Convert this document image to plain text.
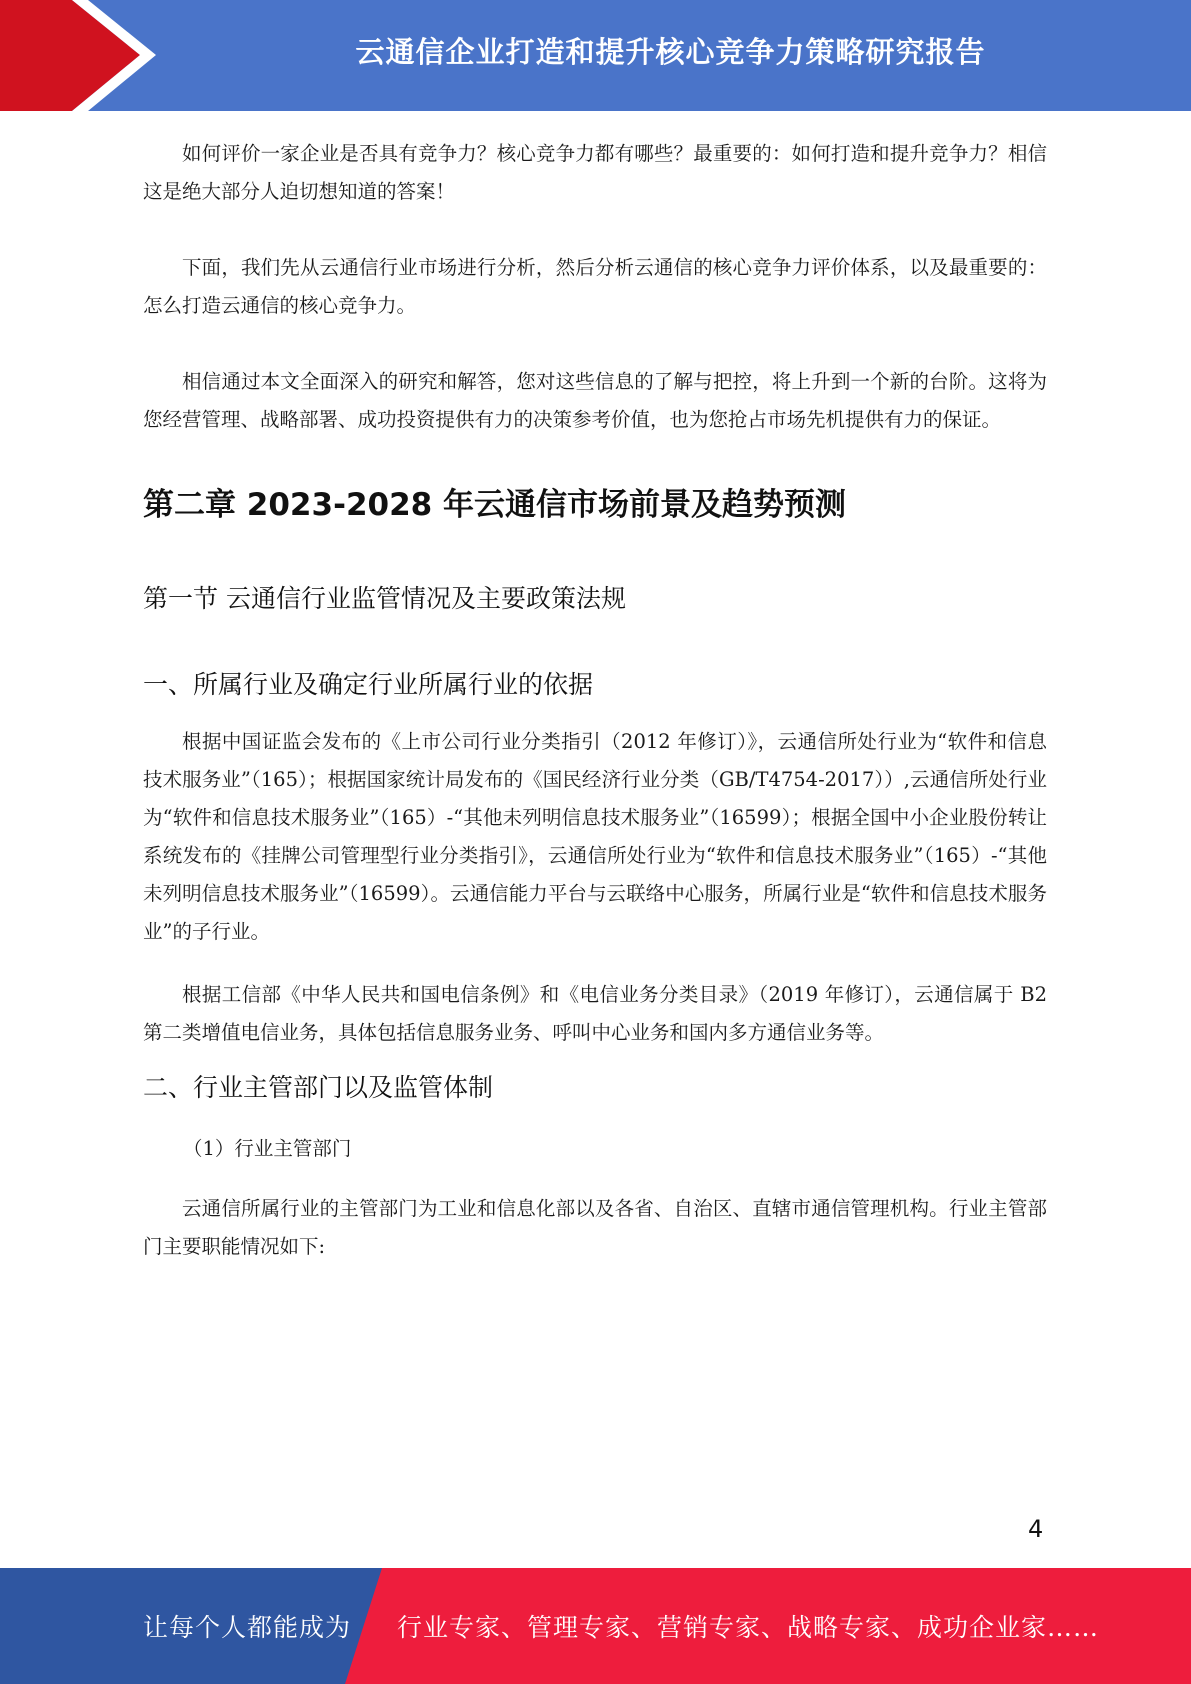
云通信企业打造和提升核心竞争力策略研究报告

如何评价一家企业是否具有竞争力？核心竞争力都有哪些？最重要的：如何打造和提升竞争力？相信这是绝大部分人迫切想知道的答案！

下面，我们先从云通信行业市场进行分析，然后分析云通信的核心竞争力评价体系，以及最重要的：怎么打造云通信的核心竞争力。

相信通过本文全面深入的研究和解答，您对这些信息的了解与把控，将上升到一个新的台阶。这将为您经营管理、战略部署、成功投资提供有力的决策参考价值，也为您抢占市场先机提供有力的保证。

第二章 2023-2028 年云通信市场前景及趋势预测
第一节 云通信行业监管情况及主要政策法规
一、所属行业及确定行业所属行业的依据

根据中国证监会发布的《上市公司行业分类指引（2012 年修订）》，云通信所处行业为“软件和信息技术服务业”（165）；根据国家统计局发布的《国民经济行业分类（GB/T4754-2017））,云通信所处行业为“软件和信息技术服务业”（165）-“其他未列明信息技术服务业”（16599）；根据全国中小企业股份转让系统发布的《挂牌公司管理型行业分类指引》，云通信所处行业为“软件和信息技术服务业”（165）-“其他未列明信息技术服务业”（16599）。云通信能力平台与云联络中心服务，所属行业是“软件和信息技术服务业”的子行业。

根据工信部《中华人民共和国电信条例》和《电信业务分类目录》（2019 年修订），云通信属于 B2 第二类增值电信业务，具体包括信息服务业务、呼叫中心业务和国内多方通信业务等。

二、行业主管部门以及监管体制

（1）行业主管部门

云通信所属行业的主管部门为工业和信息化部以及各省、自治区、直辖市通信管理机构。行业主管部门主要职能情况如下:

4
让每个人都能成为 行业专家、管理专家、营销专家、战略专家、成功企业家……
